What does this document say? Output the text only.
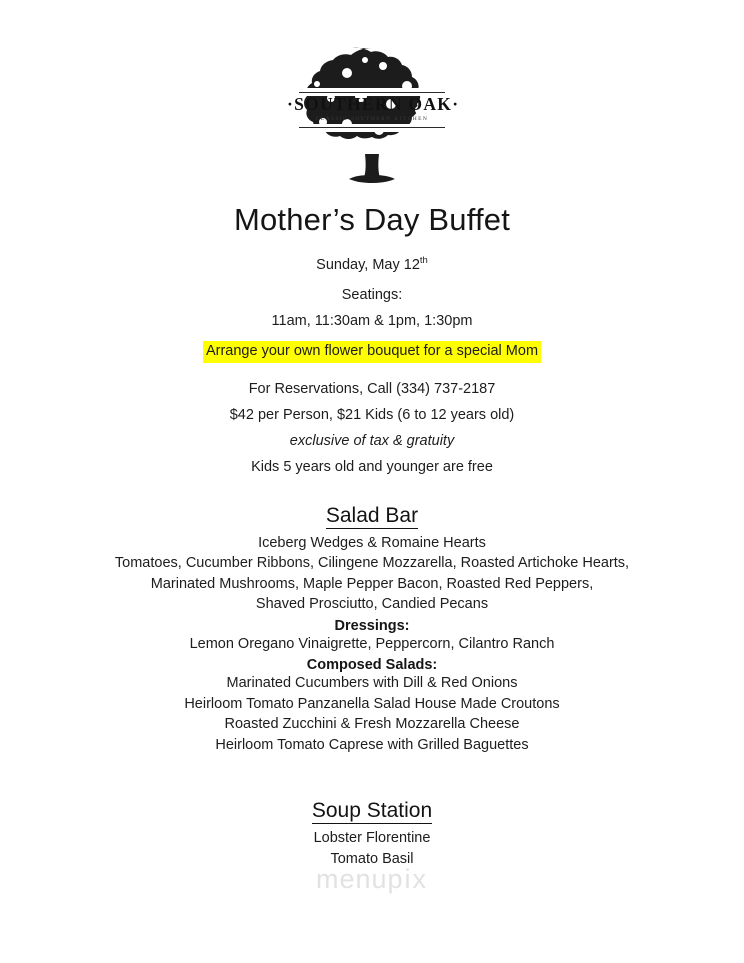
·SOUTHERN OAK·
CLASSIC SOUTHERN KITCHEN
Mother’s Day Buffet
Sunday, May 12th
Seatings:
11am, 11:30am & 1pm, 1:30pm
Arrange your own flower bouquet for a special Mom
For Reservations, Call (334) 737-2187
$42 per Person, $21 Kids (6 to 12 years old)
exclusive of tax & gratuity
Kids 5 years old and younger are free
Salad Bar
Iceberg Wedges & Romaine Hearts
Tomatoes, Cucumber Ribbons, Cilingene Mozzarella, Roasted Artichoke Hearts,
Marinated Mushrooms, Maple Pepper Bacon, Roasted Red Peppers,
Shaved Prosciutto, Candied Pecans
Dressings:
Lemon Oregano Vinaigrette, Peppercorn, Cilantro Ranch
Composed Salads:
Marinated Cucumbers with Dill & Red Onions
Heirloom Tomato Panzanella Salad House Made Croutons
Roasted Zucchini & Fresh Mozzarella Cheese
Heirloom Tomato Caprese with Grilled Baguettes
Soup Station
Lobster Florentine
Tomato Basil
menupix
